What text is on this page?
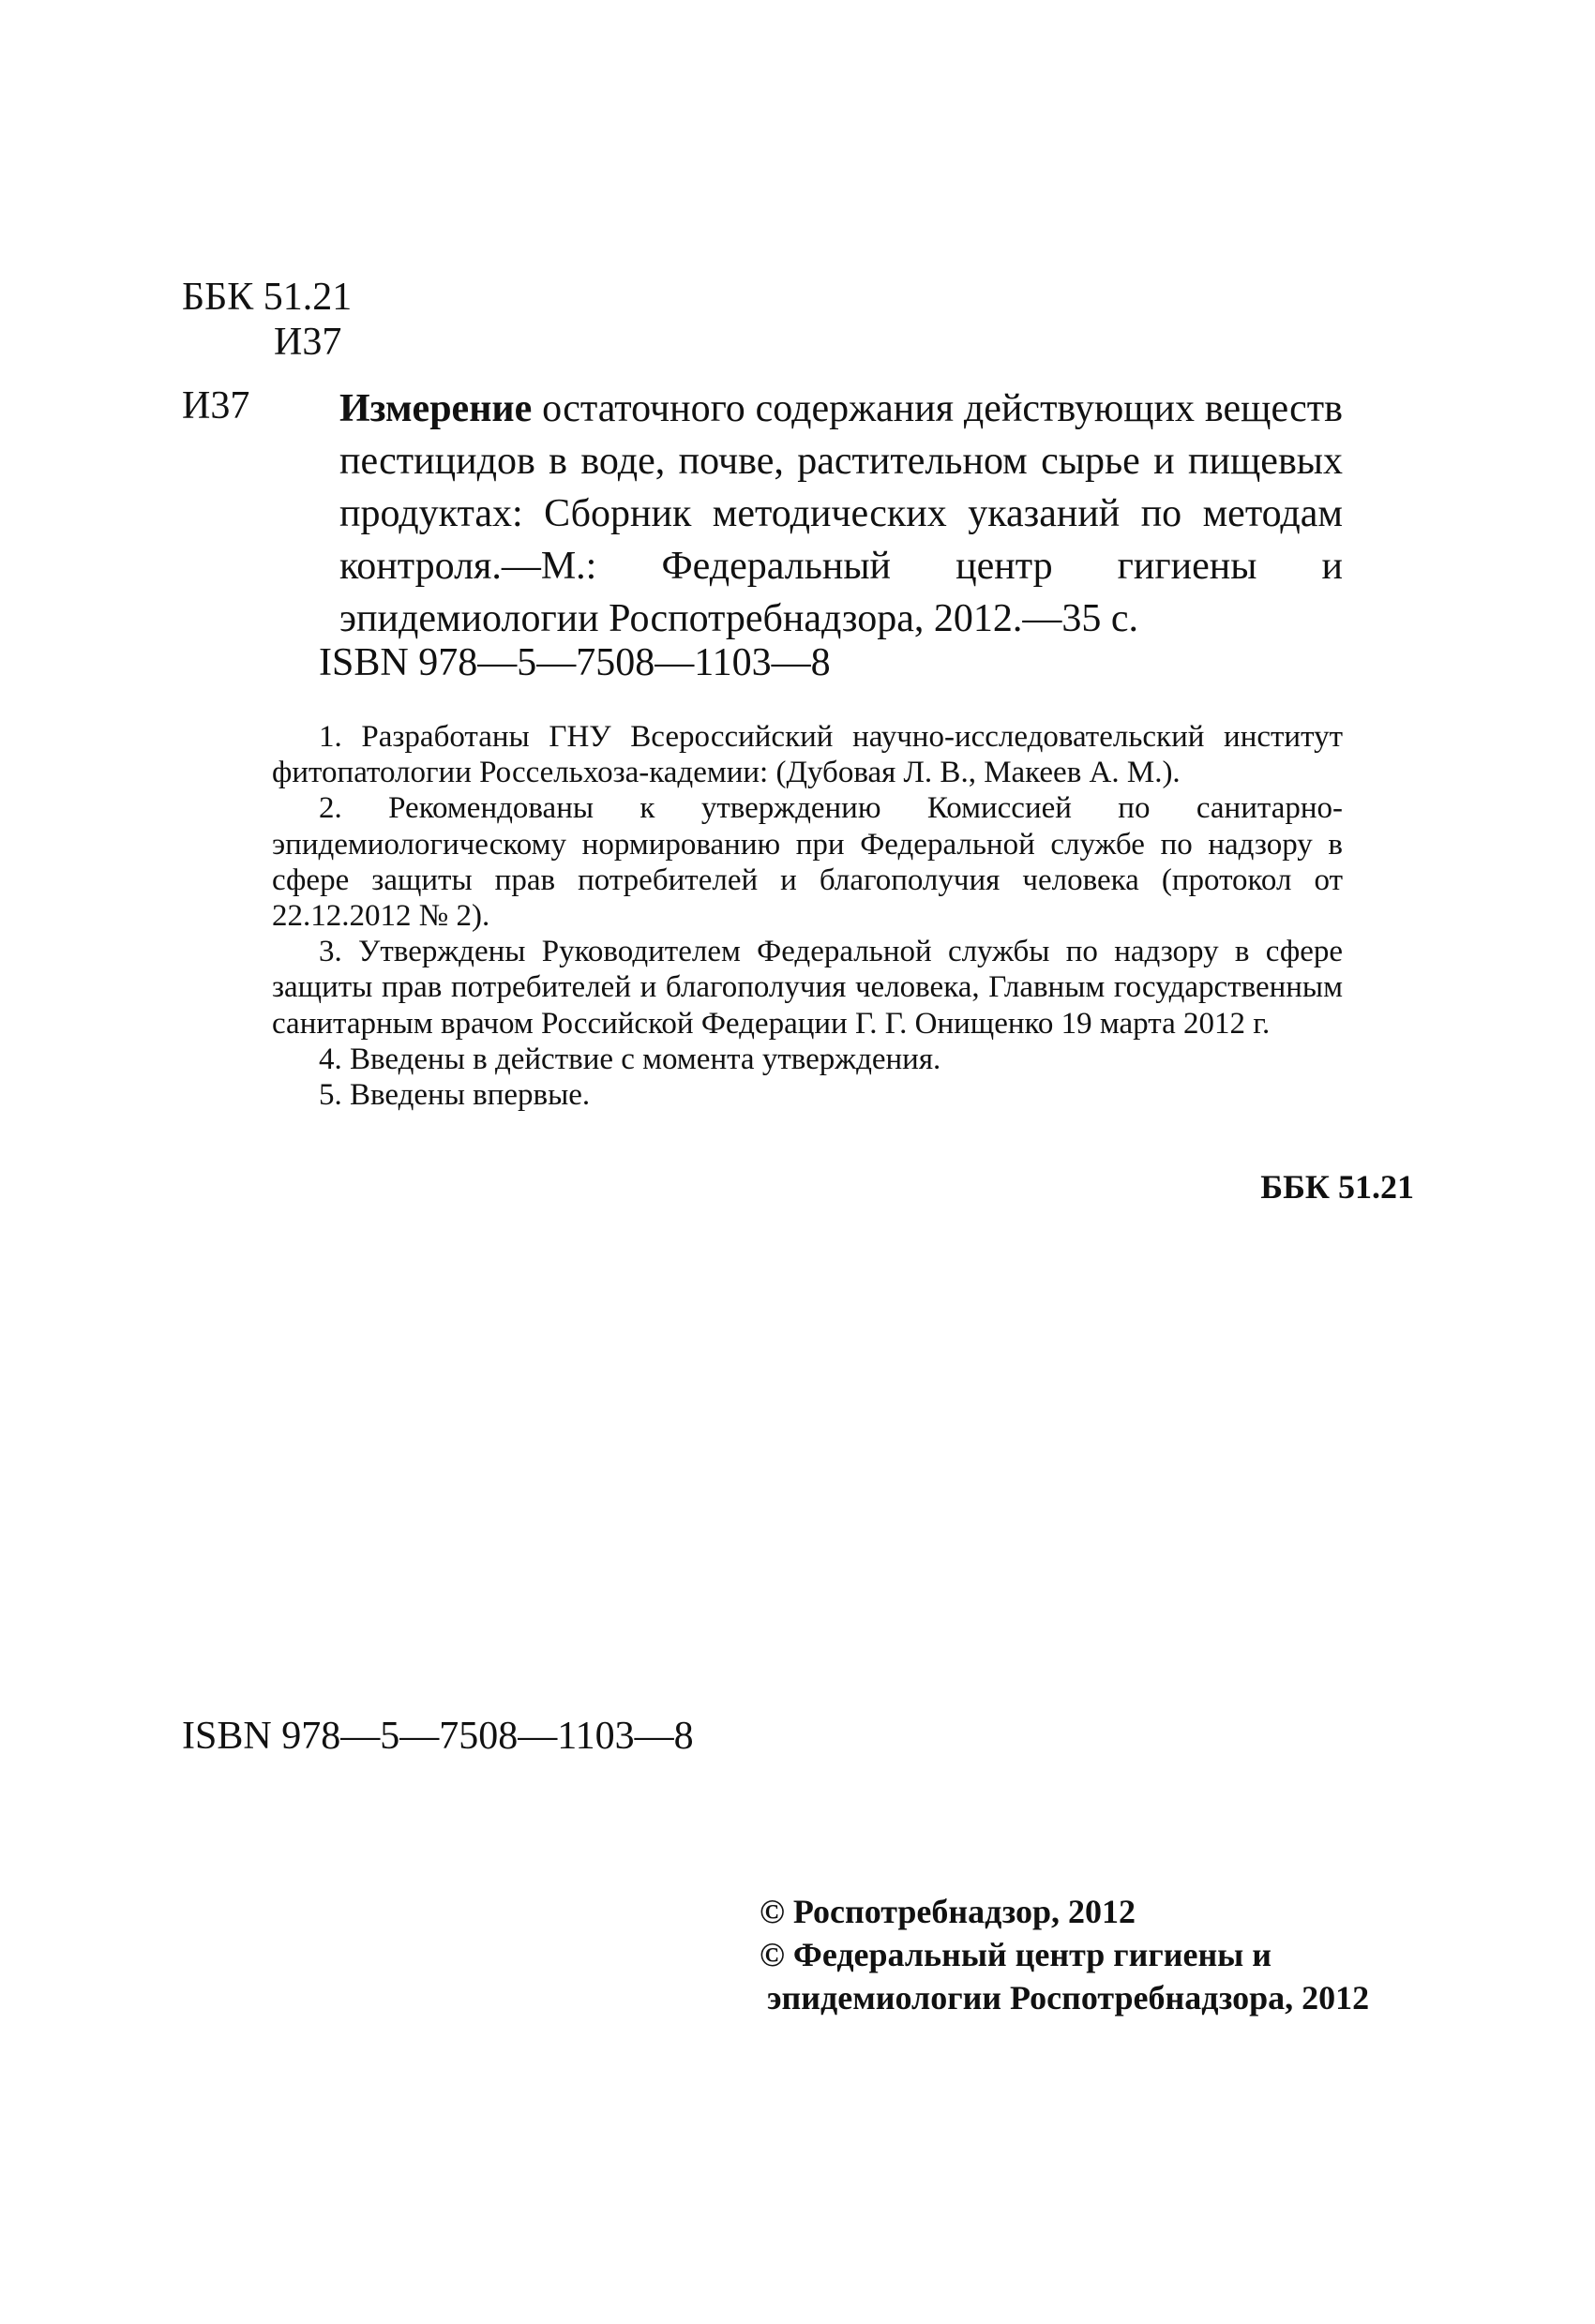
ББК 51.21
И37
И37 Измерение остаточного содержания действующих веществ пестицидов в воде, почве, растительном сырье и пищевых продуктах: Сборник методических указаний по методам контроля.—М.: Федеральный центр гигиены и эпидемиологии Роспотребнадзора, 2012.—35 с.
ISBN 978—5—7508—1103—8

1. Разработаны ГНУ Всероссийский научно-исследовательский институт фитопатологии Россельхоза-кадемии: (Дубовая Л. В., Макеев А. М.).

2. Рекомендованы к утверждению Комиссией по санитарно-эпидемиологическому нормированию при Федеральной службе по надзору в сфере защиты прав потребителей и благополучия человека (протокол от 22.12.2012 № 2).

3. Утверждены Руководителем Федеральной службы по надзору в сфере защиты прав потребителей и благополучия человека, Главным государственным санитарным врачом Российской Федерации Г. Г. Онищенко 19 марта 2012 г.

4. Введены в действие с момента утверждения.

5. Введены впервые.

ББК 51.21
ISBN 978—5—7508—1103—8
© Роспотребнадзор, 2012
© Федеральный центр гигиены и
эпидемиологии Роспотребнадзора, 2012
